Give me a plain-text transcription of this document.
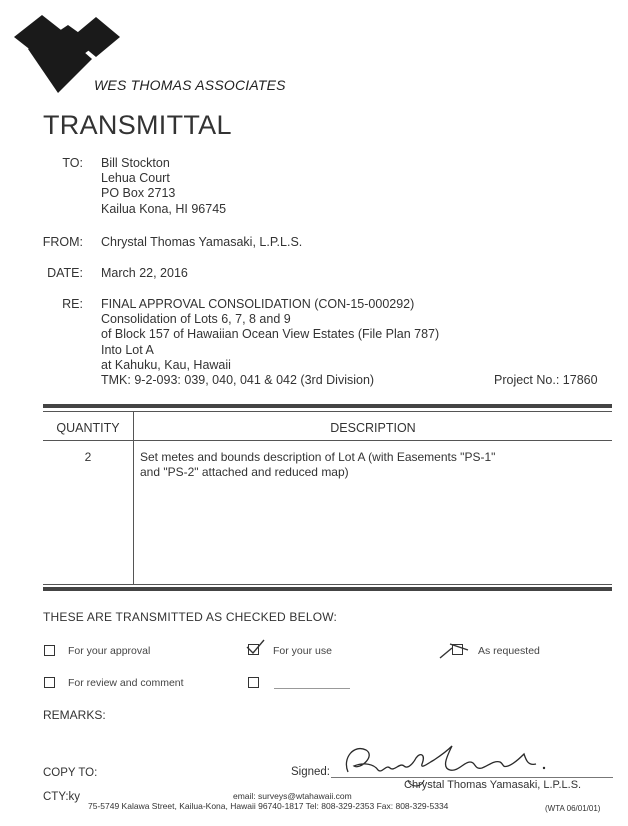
WES THOMAS ASSOCIATES
TRANSMITTAL
TO: Bill Stockton
Lehua Court
PO Box 2713
Kailua Kona, HI 96745
FROM: Chrystal Thomas Yamasaki, L.P.L.S.
DATE: March 22, 2016
RE: FINAL APPROVAL CONSOLIDATION (CON-15-000292)
Consolidation of Lots 6, 7, 8 and 9
of Block 157 of Hawaiian Ocean View Estates (File Plan 787)
Into Lot A
at Kahuku, Kau, Hawaii
TMK: 9-2-093: 039, 040, 041 & 042 (3rd Division)	Project No.: 17860
QUANTITY	DESCRIPTION
2	Set metes and bounds description of Lot A (with Easements "PS-1"
and "PS-2" attached and reduced map)
THESE ARE TRANSMITTED AS CHECKED BELOW:
For your approval	For your use	As requested
For review and comment
REMARKS:
COPY TO:	Signed:
Chrystal Thomas Yamasaki, L.P.L.S.
CTY:ky	email: surveys@wtahawaii.com
75-5749 Kalawa Street, Kailua-Kona, Hawaii 96740-1817 Tel: 808-329-2353 Fax: 808-329-5334	(WTA 06/01/01)
